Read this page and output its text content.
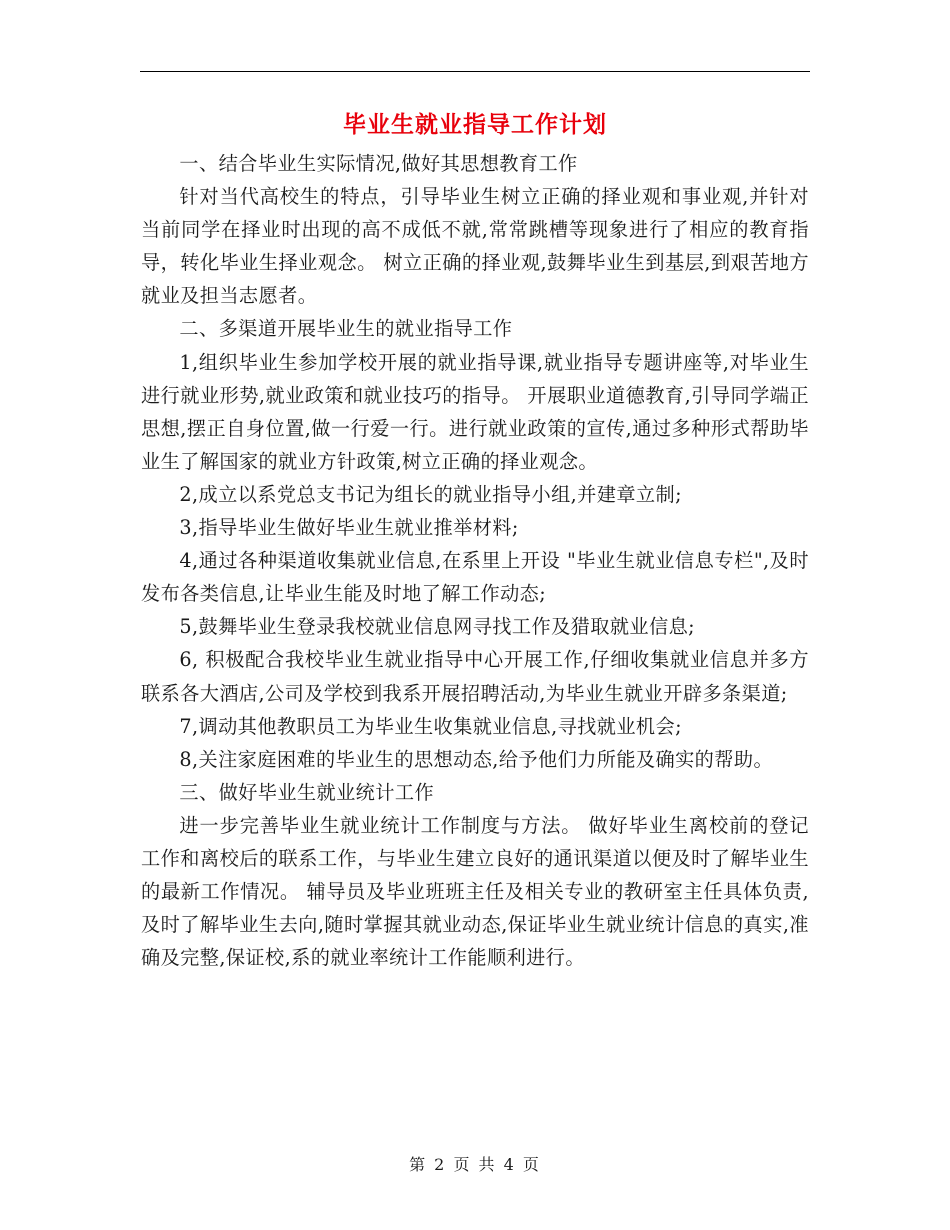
毕业生就业指导工作计划

一、结合毕业生实际情况,做好其思想教育工作

针对当代高校生的特点，引导毕业生树立正确的择业观和事业观,并针对当前同学在择业时出现的高不成低不就,常常跳槽等现象进行了相应的教育指导，转化毕业生择业观念。 树立正确的择业观,鼓舞毕业生到基层,到艰苦地方就业及担当志愿者。

二、多渠道开展毕业生的就业指导工作

1,组织毕业生参加学校开展的就业指导课,就业指导专题讲座等,对毕业生进行就业形势,就业政策和就业技巧的指导。 开展职业道德教育,引导同学端正思想,摆正自身位置,做一行爱一行。进行就业政策的宣传,通过多种形式帮助毕业生了解国家的就业方针政策,树立正确的择业观念。

2,成立以系党总支书记为组长的就业指导小组,并建章立制;

3,指导毕业生做好毕业生就业推举材料;

4,通过各种渠道收集就业信息,在系里上开设 "毕业生就业信息专栏",及时发布各类信息,让毕业生能及时地了解工作动态;

5,鼓舞毕业生登录我校就业信息网寻找工作及猎取就业信息;

6, 积极配合我校毕业生就业指导中心开展工作,仔细收集就业信息并多方联系各大酒店,公司及学校到我系开展招聘活动,为毕业生就业开辟多条渠道;

7,调动其他教职员工为毕业生收集就业信息,寻找就业机会;

8,关注家庭困难的毕业生的思想动态,给予他们力所能及确实的帮助。

三、做好毕业生就业统计工作

进一步完善毕业生就业统计工作制度与方法。 做好毕业生离校前的登记工作和离校后的联系工作，与毕业生建立良好的通讯渠道以便及时了解毕业生的最新工作情况。 辅导员及毕业班班主任及相关专业的教研室主任具体负责,及时了解毕业生去向,随时掌握其就业动态,保证毕业生就业统计信息的真实,准确及完整,保证校,系的就业率统计工作能顺利进行。

第 2 页 共 4 页
